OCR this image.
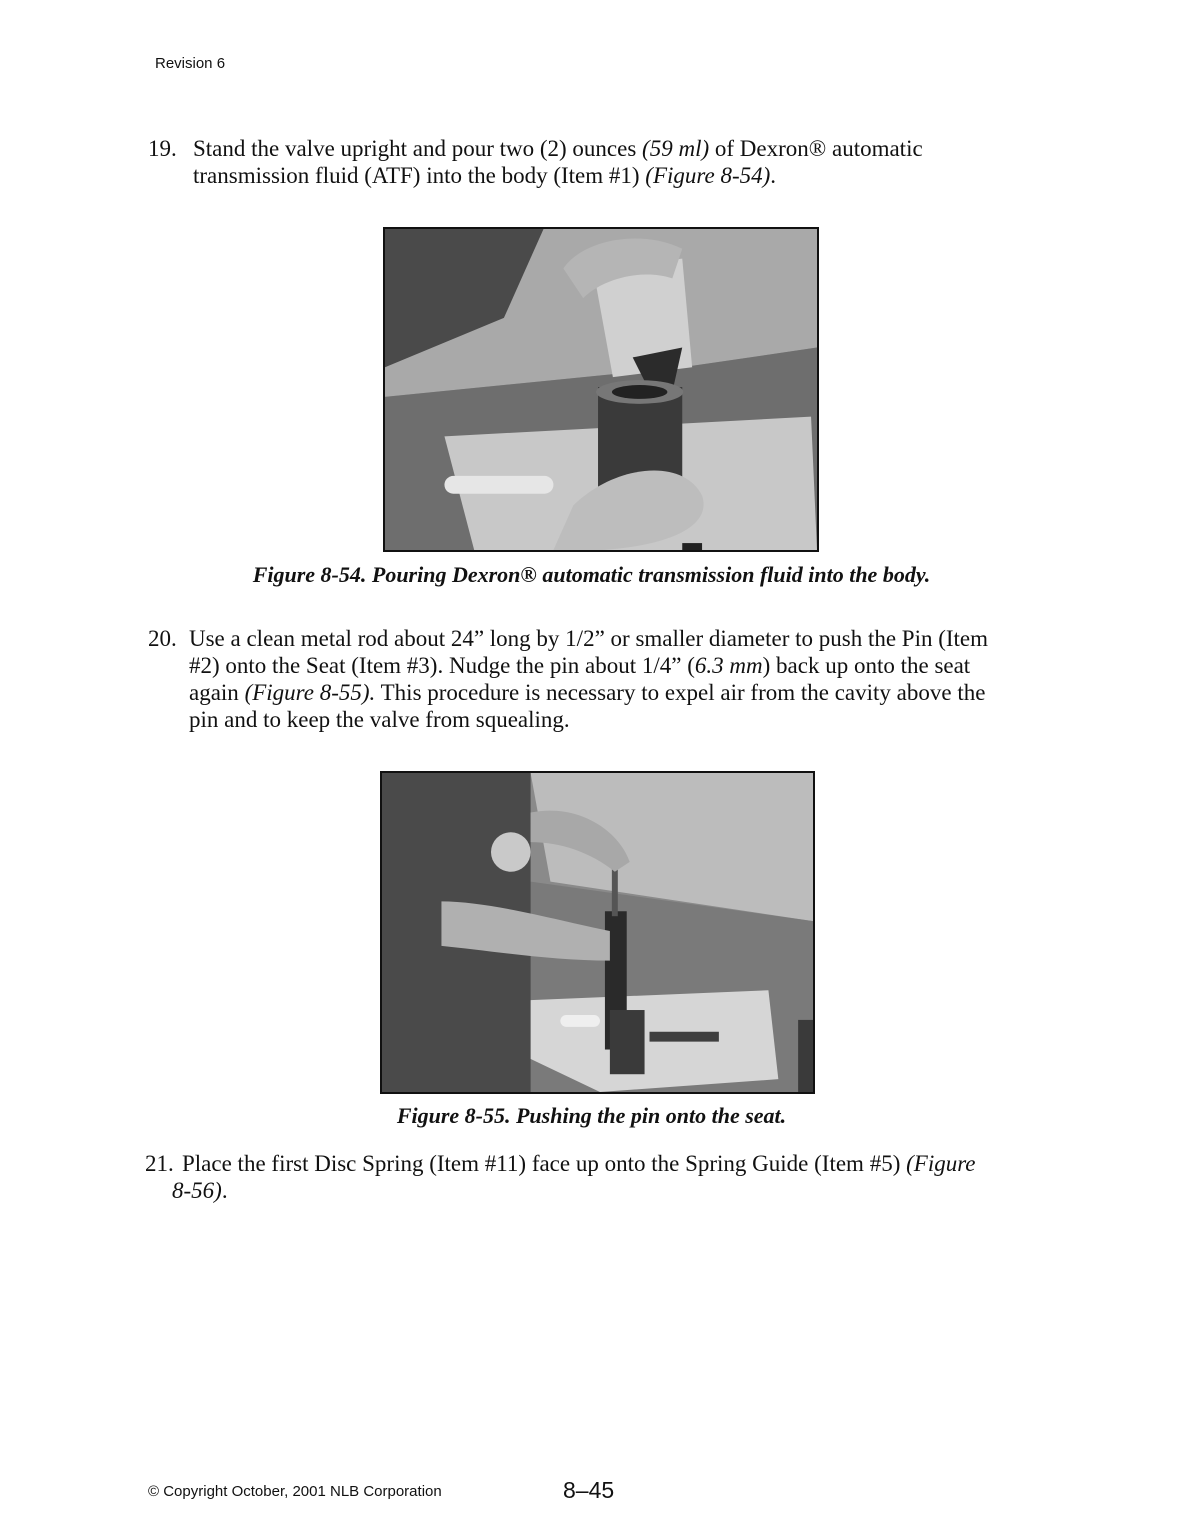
Revision 6
19. Stand the valve upright and pour two (2) ounces (59 ml) of Dexron® automatic
transmission fluid (ATF) into the body (Item #1) (Figure 8-54).
Figure 8-54. Pouring Dexron® automatic transmission fluid into the body.
20. Use a clean metal rod about 24” long by 1/2” or smaller diameter to push the Pin (Item
#2) onto the Seat (Item #3). Nudge the pin about 1/4” (6.3 mm) back up onto the seat
again (Figure 8-55). This procedure is necessary to expel air from the cavity above the
pin and to keep the valve from squealing.
Figure 8-55. Pushing the pin onto the seat.
21. Place the first Disc Spring (Item #11) face up onto the Spring Guide (Item #5) (Figure
8-56).
© Copyright October, 2001 NLB Corporation	8–45
